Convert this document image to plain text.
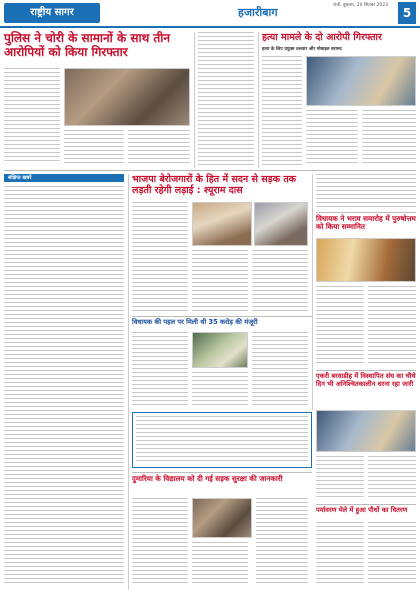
राष्ट्रीय सागर	हजारीबाग
रांची, बुधवार, 20 सितंबर 2023
5
पुलिस ने चोरी के सामानों के साथ तीन आरोपियों को किया गिरफ्तार
हत्या मामले के दो आरोपी गिरफ्तार
हत्या के लिए प्रयुक्त तलवार और मोबाइल बरामद
संक्षिप्त खबरें	भाजपा बेरोजगारों के हित में सदन से सड़क तक लड़ती रहेगी लड़ाई : श्यूराम दास
विधायक ने भराव समारोह में पुरुषोत्तम को किया सम्मानित
विधायक की पहल पर मिली थी 35 करोड़ की मंजूरी
एकरी बरवाडीह में विस्थापित संघ का चौथे दिन भी अनिश्चितकालीन धरना रहा जारी
दुमारिया के विद्यालय को दी गई सड़क सुरक्षा की जानकारी
पर्यावरण मेले में हुआ पौधों का वितरण
